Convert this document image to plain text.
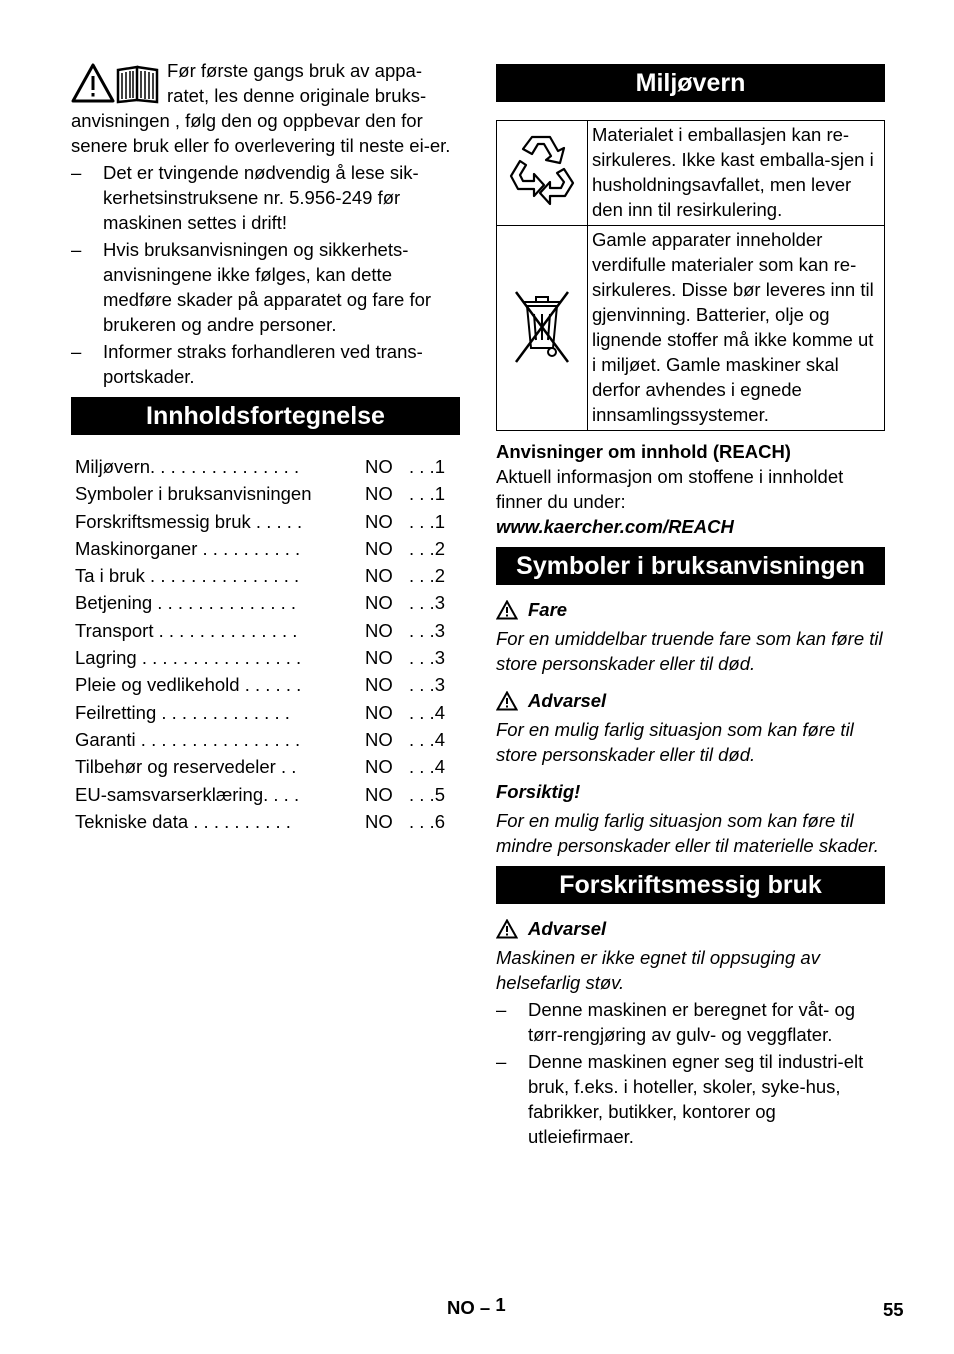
Før første gangs bruk av appa-ratet, les denne originale bruks-anvisningen , følg den og oppbevar den for senere bruk eller fo overlevering til neste ei-er.

– Det er tvingende nødvendig å lese sik-kerhetsinstruksene nr. 5.956-249 før maskinen settes i drift!
– Hvis bruksanvisningen og sikkerhets-anvisningene ikke følges, kan dette medføre skader på apparatet og fare for brukeren og andre personer.
– Informer straks forhandleren ved trans-portskader.
Innholdsfortegnelse
Miljøvern. . . . . . . . . . . . . . .	NO . . .1
Symboler i bruksanvisningen	NO . . .1
Forskriftsmessig bruk . . . . .	NO . . .1
Maskinorganer . . . . . . . . . .	NO . . .2
Ta i bruk . . . . . . . . . . . . . . .	NO . . .2
Betjening . . . . . . . . . . . . . .	NO . . .3
Transport . . . . . . . . . . . . . .	NO . . .3
Lagring . . . . . . . . . . . . . . . .	NO . . .3
Pleie og vedlikehold . . . . . .	NO . . .3
Feilretting . . . . . . . . . . . . .	NO . . .4
Garanti . . . . . . . . . . . . . . . .	NO . . .4
Tilbehør og reservedeler . .	NO . . .4
EU-samsvarserklæring. . . .	NO . . .5
Tekniske data . . . . . . . . . .	NO . . .6
Miljøvern
	Materialet i emballasjen kan re-sirkuleres. Ikke kast emballa-sjen i husholdningsavfallet, men lever den inn til resirkulering.
	Gamle apparater inneholder verdifulle materialer som kan re-sirkuleres. Disse bør leveres inn til gjenvinning. Batterier, olje og lignende stoffer må ikke komme ut i miljøet. Gamle maskiner skal derfor avhendes i egnede innsamlingssystemer.

Anvisninger om innhold (REACH)

Aktuell informasjon om stoffene i innholdet finner du under:

www.kaercher.com/REACH
Symboler i bruksanvisningen
Fare

For en umiddelbar truende fare som kan føre til store personskader eller til død.

Advarsel

For en mulig farlig situasjon som kan føre til store personskader eller til død.

Forsiktig!

For en mulig farlig situasjon som kan føre til mindre personskader eller til materielle skader.

Forskriftsmessig bruk
Advarsel

Maskinen er ikke egnet til oppsuging av helsefarlig støv.

– Denne maskinen er beregnet for våt- og tørr-rengjøring av gulv- og veggflater.
– Denne maskinen egner seg til industri-elt bruk, f.eks. i hoteller, skoler, syke-hus, fabrikker, butikker, kontorer og utleiefirmaer.
NO – 1	55
